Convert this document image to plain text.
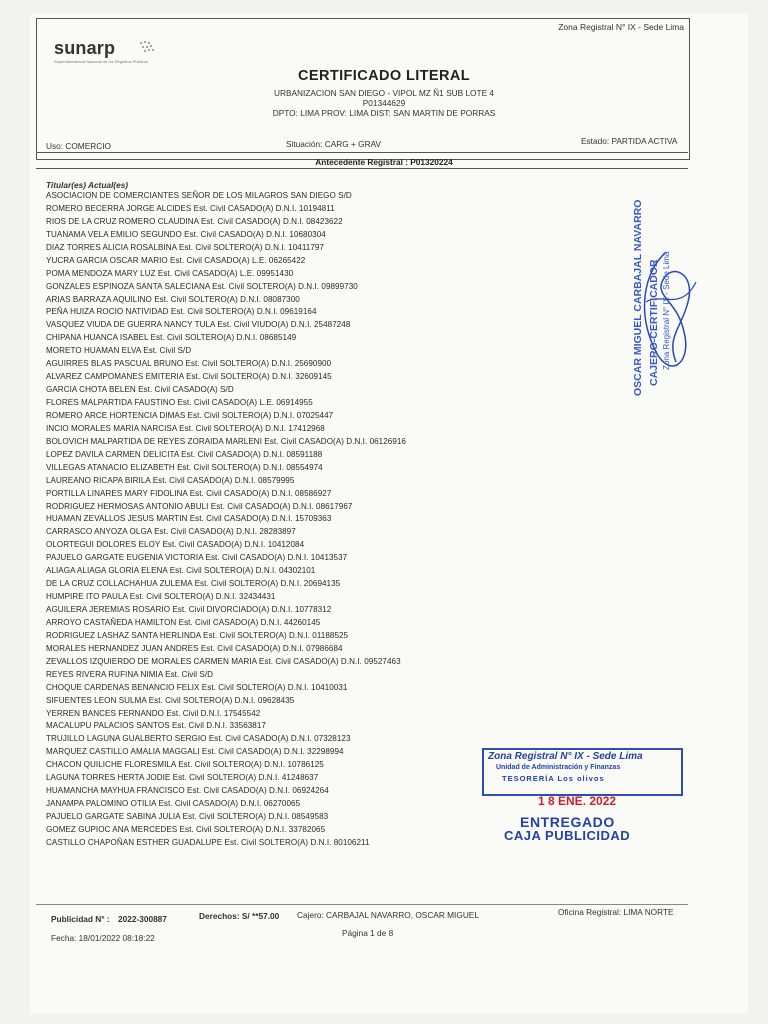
sunarp
Superintendencia Nacional de los Registros Públicos
Zona Registral N° IX - Sede Lima
CERTIFICADO LITERAL
URBANIZACION SAN DIEGO - VIPOL MZ Ñ1 SUB LOTE 4
P01344629
DPTO: LIMA PROV: LIMA DIST: SAN MARTIN DE PORRAS
Uso: COMERCIO	Situación: CARG + GRAV	Estado: PARTIDA ACTIVA
Antecedente Registral : P01320224
Titular(es) Actual(es)
ASOCIACION DE COMERCIANTES SEÑOR DE LOS MILAGROS SAN DIEGO S/D
ROMERO BECERRA JORGE ALCIDES Est. Civil CASADO(A) D.N.I. 10194811
RIOS DE LA CRUZ ROMERO CLAUDINA Est. Civil CASADO(A) D.N.I. 08423622
TUANAMA VELA EMILIO SEGUNDO Est. Civil CASADO(A) D.N.I. 10680304
DIAZ TORRES ALICIA ROSALBINA Est. Civil SOLTERO(A) D.N.I. 10411797
YUCRA GARCIA OSCAR MARIO Est. Civil CASADO(A) L.E. 06265422
POMA MENDOZA MARY LUZ Est. Civil CASADO(A) L.E. 09951430
GONZALES ESPINOZA SANTA SALECIANA Est. Civil SOLTERO(A) D.N.I. 09899730
ARIAS BARRAZA AQUILINO Est. Civil SOLTERO(A) D.N.I. 08087300
PEÑA HUIZA ROCIO NATIVIDAD Est. Civil SOLTERO(A) D.N.I. 09619164
VASQUEZ VIUDA DE GUERRA NANCY TULA Est. Civil VIUDO(A) D.N.I. 25487248
CHIPANA HUANCA ISABEL Est. Civil SOLTERO(A) D.N.I. 08685149
MORETO HUAMAN ELVA Est. Civil S/D
AGUIRRES BLAS PASCUAL BRUNO Est. Civil SOLTERO(A) D.N.I. 25690900
ALVAREZ CAMPOMANES EMITERIA Est. Civil SOLTERO(A) D.N.I. 32609145
GARCIA CHOTA BELEN Est. Civil CASADO(A) S/D
FLORES MALPARTIDA FAUSTINO Est. Civil CASADO(A) L.E. 06914955
ROMERO ARCE HORTENCIA DIMAS Est. Civil SOLTERO(A) D.N.I. 07025447
INCIO MORALES MARIA NARCISA Est. Civil SOLTERO(A) D.N.I. 17412968
BOLOVICH MALPARTIDA DE REYES ZORAIDA MARLENI Est. Civil CASADO(A) D.N.I. 06126916
LOPEZ DAVILA CARMEN DELICITA Est. Civil CASADO(A) D.N.I. 08591188
VILLEGAS ATANACIO ELIZABETH Est. Civil SOLTERO(A) D.N.I. 08554974
LAUREANO RICAPA BIRILA Est. Civil CASADO(A) D.N.I. 08579995
PORTILLA LINARES MARY FIDOLINA Est. Civil CASADO(A) D.N.I. 08586927
RODRIGUEZ HERMOSAS ANTONIO ABULI Est. Civil CASADO(A) D.N.I. 08617967
HUAMAN ZEVALLOS JESUS MARTIN Est. Civil CASADO(A) D.N.I. 15709363
CARRASCO ANYOZA OLGA Est. Civil CASADO(A) D.N.I. 28283897
OLORTEGUI DOLORES ELOY Est. Civil CASADO(A) D.N.I. 10412084
PAJUELO GARGATE EUGENIA VICTORIA Est. Civil CASADO(A) D.N.I. 10413537
ALIAGA ALIAGA GLORIA ELENA Est. Civil SOLTERO(A) D.N.I. 04302101
DE LA CRUZ COLLACHAHUA ZULEMA Est. Civil SOLTERO(A) D.N.I. 20694135
HUMPIRE ITO PAULA Est. Civil SOLTERO(A) D.N.I. 32434431
AGUILERA JEREMIAS ROSARIO Est. Civil DIVORCIADO(A) D.N.I. 10778312
ARROYO CASTAÑEDA HAMILTON Est. Civil CASADO(A) D.N.I. 44260145
RODRIGUEZ LASHAZ SANTA HERLINDA Est. Civil SOLTERO(A) D.N.I. 01188525
MORALES HERNANDEZ JUAN ANDRES Est. Civil CASADO(A) D.N.I. 07986684
ZEVALLOS IZQUIERDO DE MORALES CARMEN MARIA Est. Civil CASADO(A) D.N.I. 09527463
REYES RIVERA RUFINA NIMIA Est. Civil S/D
CHOQUE CARDENAS BENANCIO FELIX Est. Civil SOLTERO(A) D.N.I. 10410031
SIFUENTES LEON SULMA Est. Civil SOLTERO(A) D.N.I. 09628435
YERREN BANCES FERNANDO Est. Civil D.N.I. 17545542
MACALUPU PALACIOS SANTOS Est. Civil D.N.I. 33563817
TRUJILLO LAGUNA GUALBERTO SERGIO Est. Civil CASADO(A) D.N.I. 07328123
MARQUEZ CASTILLO AMALIA MAGGALI Est. Civil CASADO(A) D.N.I. 32298994
CHACON QUILICHE FLORESMILA Est. Civil SOLTERO(A) D.N.I. 10786125
LAGUNA TORRES HERTA JODIE Est. Civil SOLTERO(A) D.N.I. 41248637
HUAMANCHA MAYHUA FRANCISCO Est. Civil CASADO(A) D.N.I. 06924264
JANAMPA PALOMINO OTILIA Est. Civil CASADO(A) D.N.I. 06270065
PAJUELO GARGATE SABINA JULIA Est. Civil SOLTERO(A) D.N.I. 08549583
GOMEZ GUPIOC ANA MERCEDES Est. Civil SOLTERO(A) D.N.I. 33782065
CASTILLO CHAPOÑAN ESTHER GUADALUPE Est. Civil SOLTERO(A) D.N.I. 80106211
OSCAR MIGUEL CARBAJAL NAVARRO CAJERO-CERTIFICADOR Zona Registral N° IX - Sede Lima
Zona Registral N° IX - Sede Lima
Unidad de Administración y Finanzas
TESORERÍA Los olivos
1 8 ENE. 2022
ENTREGADO
CAJA PUBLICIDAD
Publicidad N° : 2022-300887	Derechos: S/ **57.00 Cajero: CARBAJAL NAVARRO, OSCAR MIGUEL	Oficina Registral: LIMA NORTE
Fecha: 18/01/2022 08:18:22	Página 1 de 8
